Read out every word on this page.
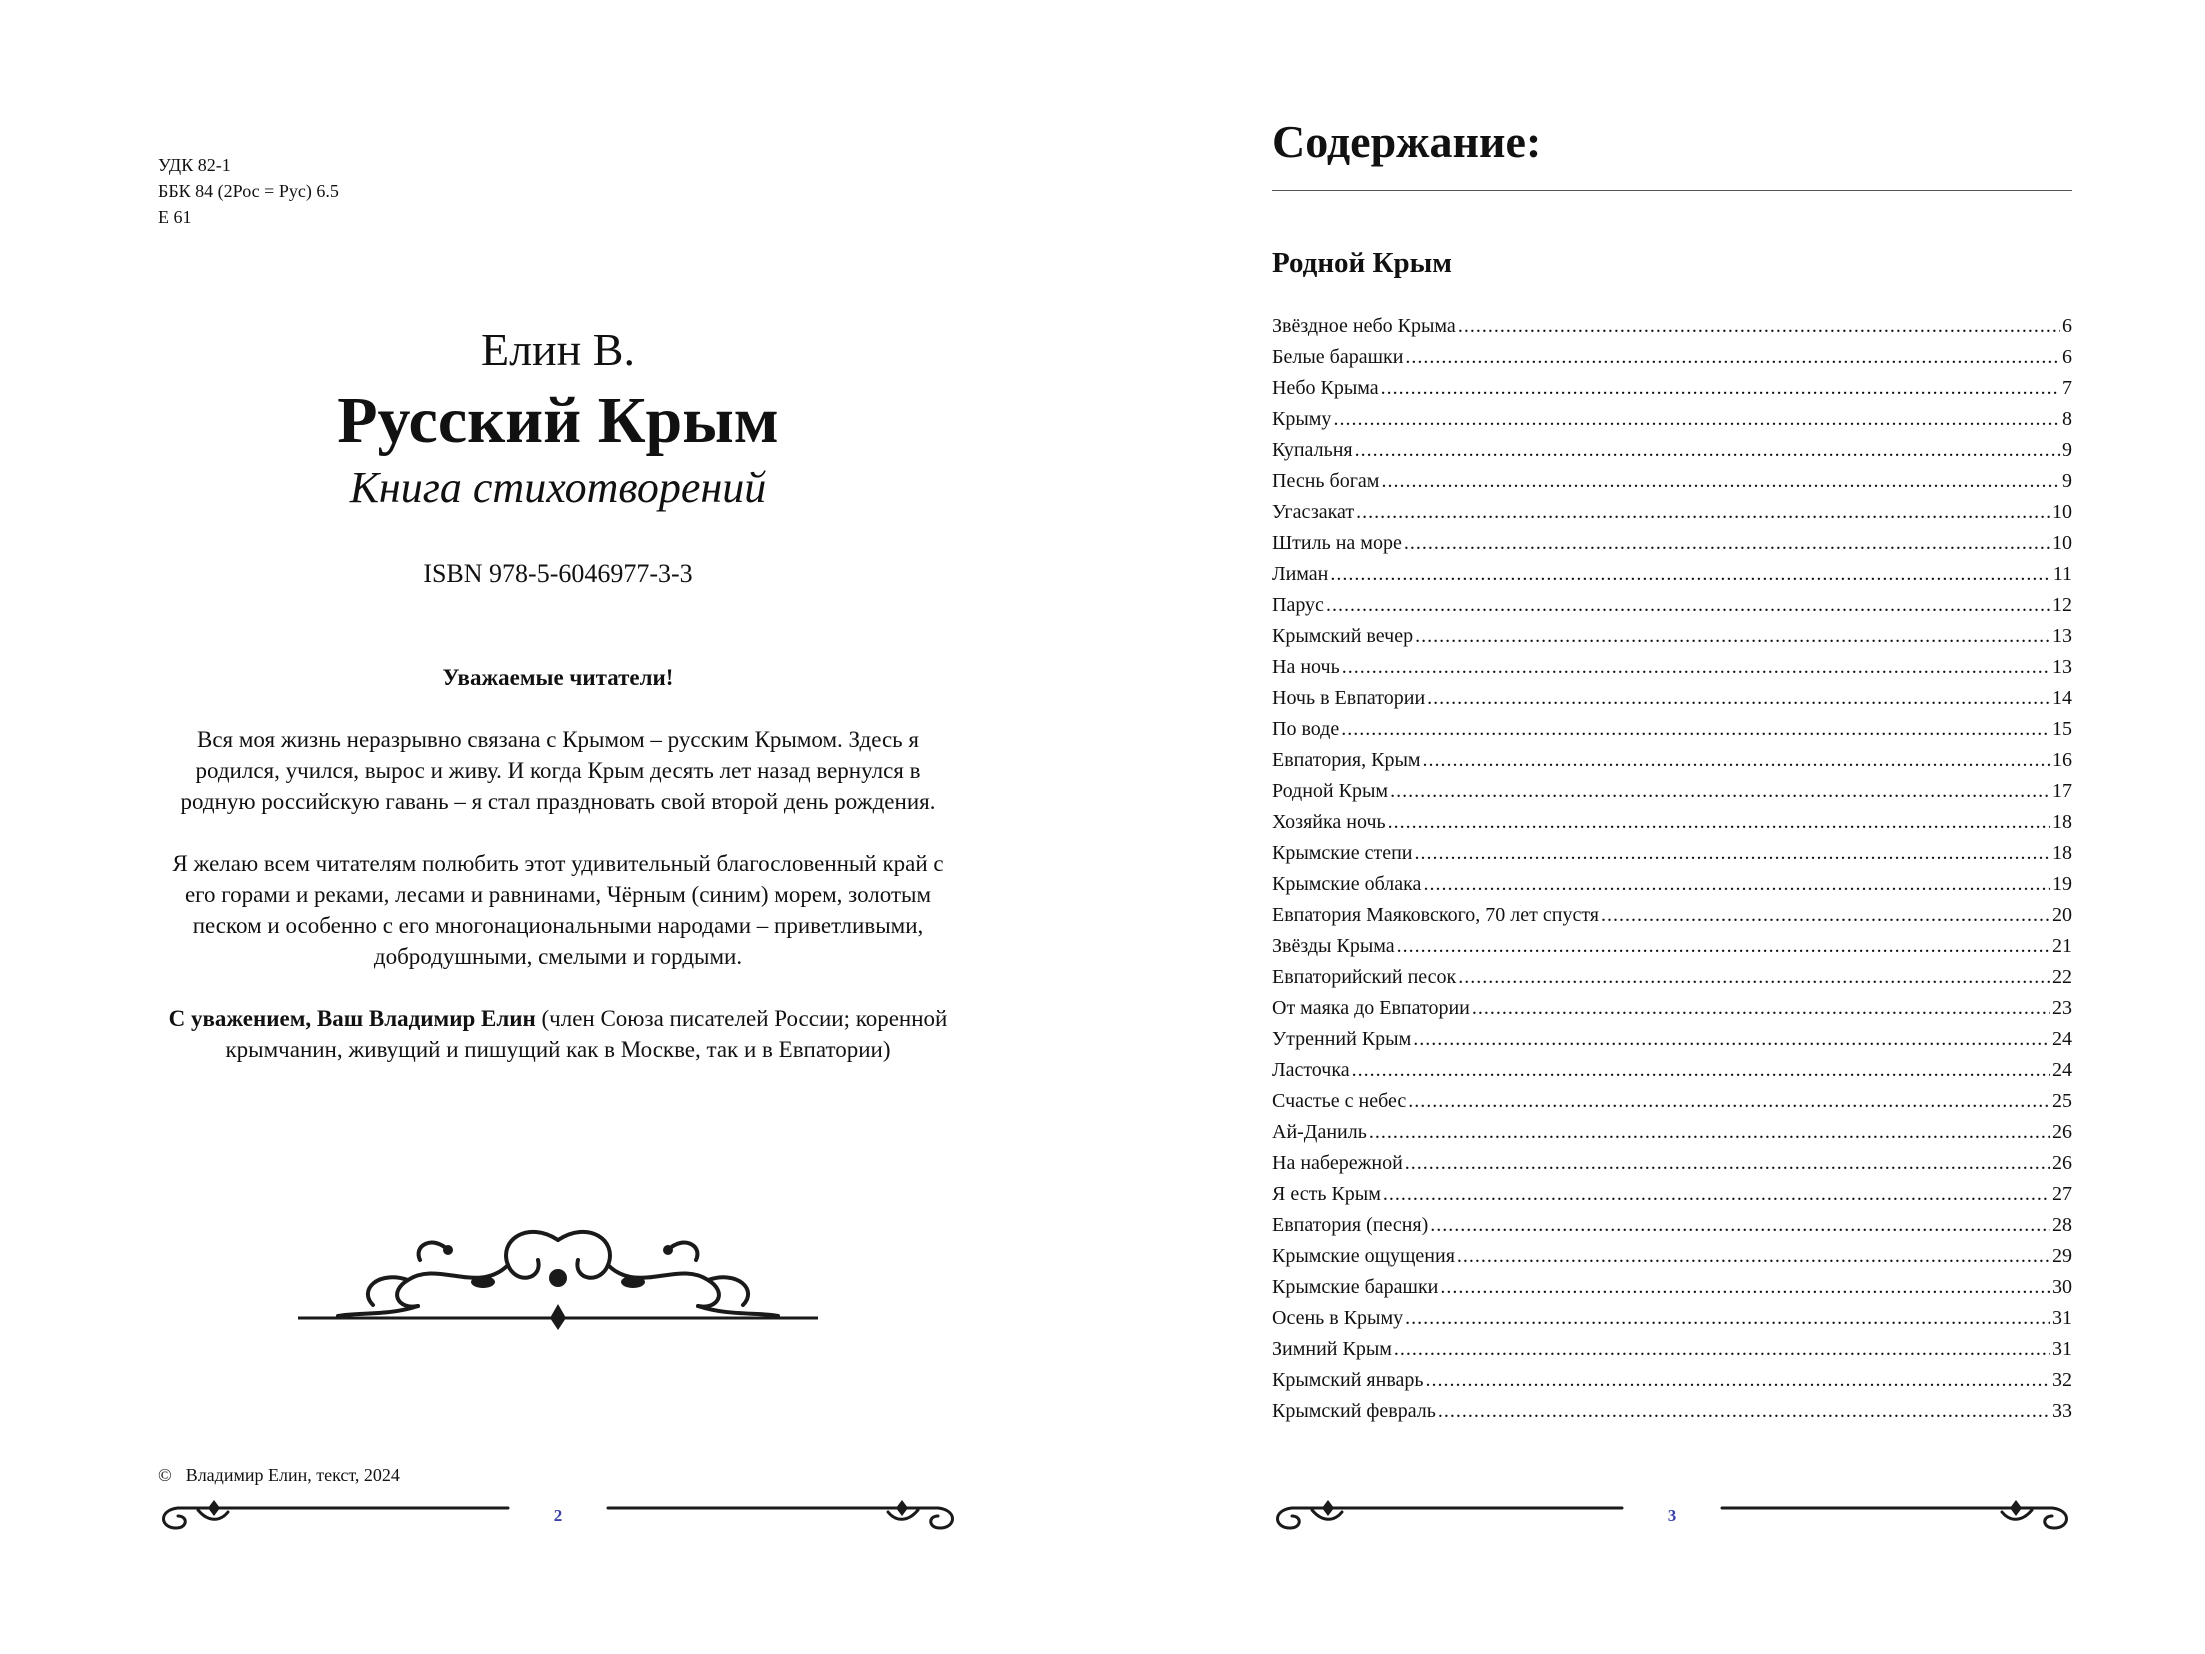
УДК 82-1
ББК 84 (2Рос = Рус) 6.5
Е 61
Елин В.
Русский Крым
Книга стихотворений
ISBN 978-5-6046977-3-3
Уважаемые читатели!

Вся моя жизнь неразрывно связана с Крымом – русским Крымом. Здесь я родился, учился, вырос и живу. И когда Крым десять лет назад вернулся в родную российскую гавань – я стал праздновать свой второй день рождения.

Я желаю всем читателям полюбить этот удивительный благословенный край с его горами и реками, лесами и равнинами, Чёрным (синим) морем, золотым песком и особенно с его многонациональными народами – приветливыми, добродушными, смелыми и гордыми.

С уважением, Ваш Владимир Елин (член Союза писателей России; коренной крымчанин, живущий и пишущий как в Москве, так и в Евпатории)

© Владимир Елин, текст, 2024
2
Содержание:
Родной Крым
Звёздное небо Крыма .....	6
Белые барашки .....	6
Небо Крыма .....	7
Крыму .....	8
Купальня .....	9
Песнь богам .....	9
Угасзакат .....	10
Штиль на море .....	10
Лиман .....	11
Парус .....	12
Крымский вечер .....	13
На ночь .....	13
Ночь в Евпатории .....	14
По воде .....	15
Евпатория, Крым .....	16
Родной Крым .....	17
Хозяйка ночь .....	18
Крымские степи .....	18
Крымские облака .....	19
Евпатория Маяковского, 70 лет спустя .....	20
Звёзды Крыма .....	21
Евпаторийский песок .....	22
От маяка до Евпатории .....	23
Утренний Крым .....	24
Ласточка .....	24
Счастье с небес .....	25
Ай-Даниль .....	26
На набережной .....	26
Я есть Крым .....	27
Евпатория (песня) .....	28
Крымские ощущения .....	29
Крымские барашки .....	30
Осень в Крыму .....	31
Зимний Крым .....	31
Крымский январь .....	32
Крымский февраль .....	33
3
